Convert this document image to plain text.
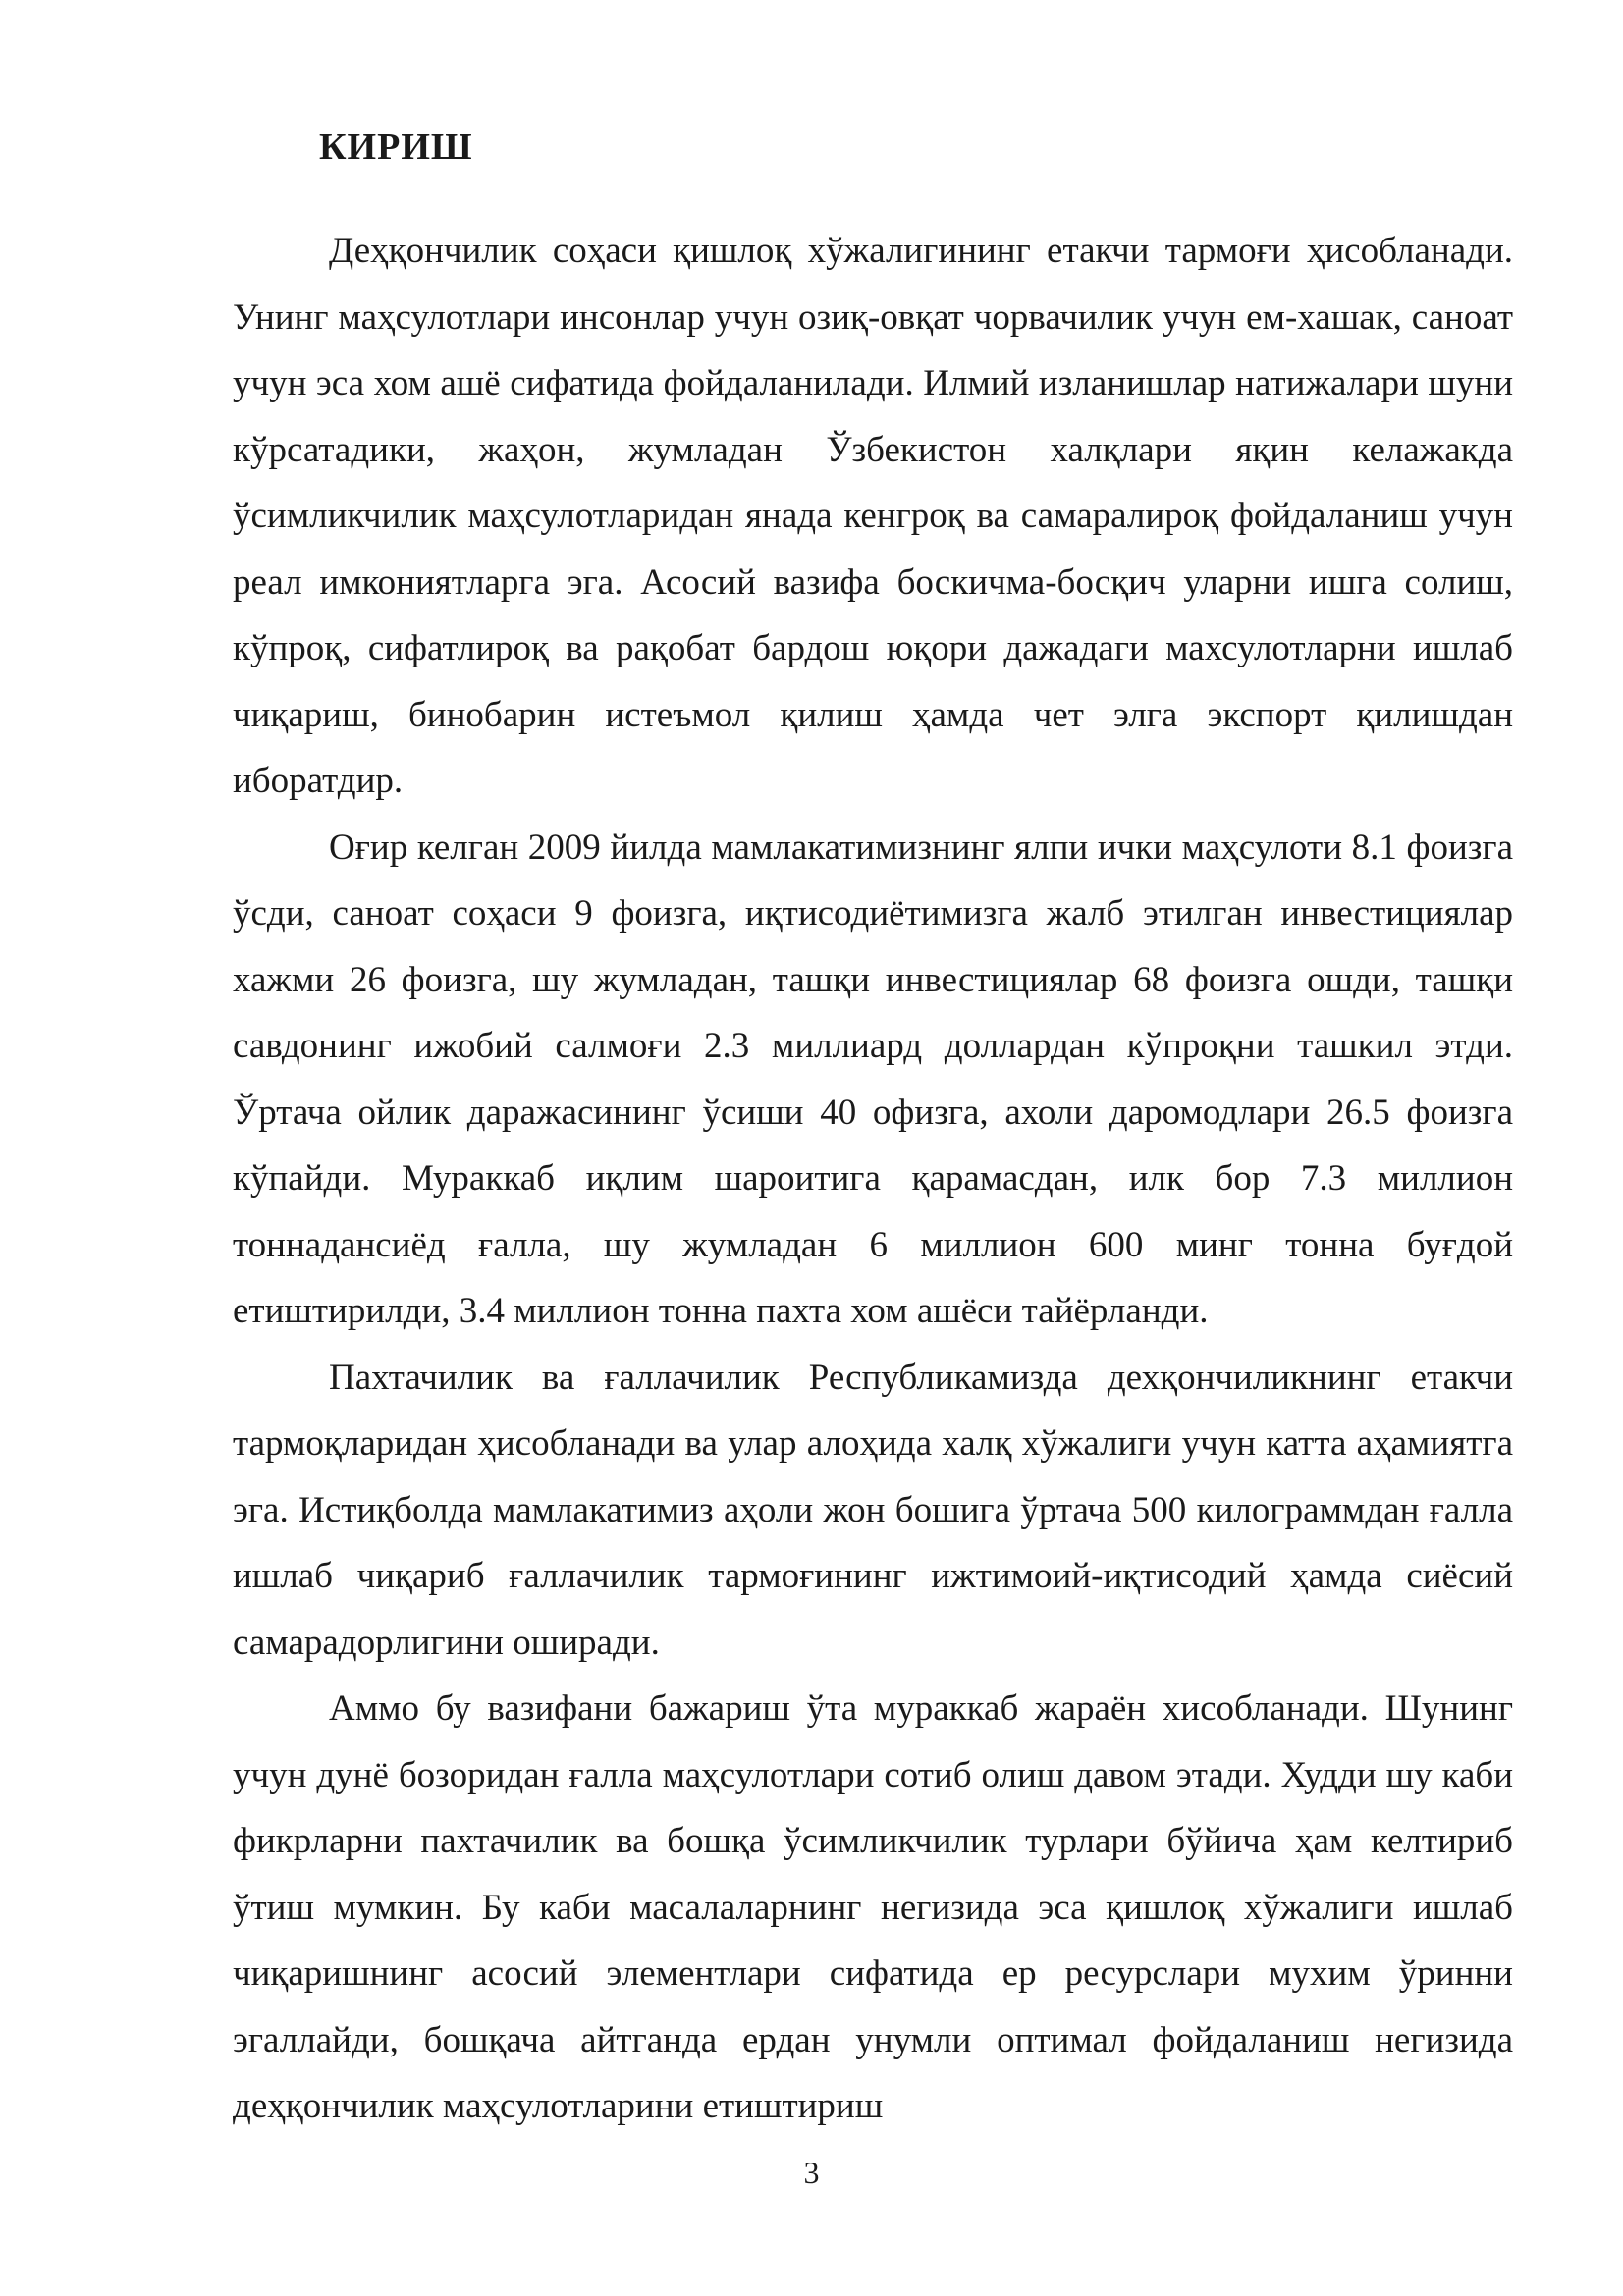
КИРИШ

Деҳқончилик соҳаси қишлоқ хўжалигининг етакчи тармоғи ҳисобланади. Унинг маҳсулотлари инсонлар учун озиқ-овқат чорвачилик учун ем-хашак, саноат учун эса хом ашё сифатида фойдаланилади. Илмий изланишлар натижалари шуни кўрсатадики, жаҳон, жумладан Ўзбекистон халқлари яқин келажакда ўсимликчилик маҳсулотларидан янада кенгроқ ва самаралироқ фойдаланиш учун реал имкониятларга эга. Асосий вазифа боскичма-босқич уларни ишга солиш, кўпроқ, сифатлироқ ва рақобат бардош юқори дажадаги махсулотларни ишлаб чиқариш, бинобарин истеъмол қилиш ҳамда чет элга экспорт қилишдан иборатдир.

Оғир келган 2009 йилда мамлакатимизнинг ялпи ички маҳсулоти 8.1 фоизга ўсди, саноат соҳаси 9 фоизга, иқтисодиётимизга жалб этилган инвестициялар хажми 26 фоизга, шу жумладан, ташқи инвестициялар 68 фоизга ошди, ташқи савдонинг ижобий салмоғи 2.3 миллиард доллардан кўпроқни ташкил этди. Ўртача ойлик даражасининг ўсиши 40 офизга, ахоли даромодлари 26.5 фоизга кўпайди. Мураккаб иқлим шароитига қарамасдан, илк бор 7.3 миллион тоннадансиёд ғалла, шу жумладан 6 миллион 600 минг тонна буғдой етиштирилди, 3.4 миллион тонна пахта хом ашёси тайёрланди.

Пахтачилик ва ғаллачилик Республикамизда дехқончиликнинг етакчи тармоқларидан ҳисобланади ва улар алоҳида халқ хўжалиги учун катта аҳамиятга эга. Истиқболда мамлакатимиз аҳоли жон бошига ўртача 500 килограммдан ғалла ишлаб чиқариб ғаллачилик тармоғининг ижтимоий-иқтисодий ҳамда сиёсий самарадорлигини оширади.

Аммо бу вазифани бажариш ўта мураккаб жараён хисобланади. Шунинг учун дунё бозоридан ғалла маҳсулотлари сотиб олиш давом этади. Худди шу каби фикрларни пахтачилик ва бошқа ўсимликчилик турлари бўйича ҳам келтириб ўтиш мумкин. Бу каби масалаларнинг негизида эса қишлоқ хўжалиги ишлаб чиқаришнинг асосий элементлари сифатида ер ресурслари мухим ўринни эгаллайди, бошқача айтганда ердан унумли оптимал фойдаланиш негизида деҳқончилик маҳсулотларини етиштириш

3
